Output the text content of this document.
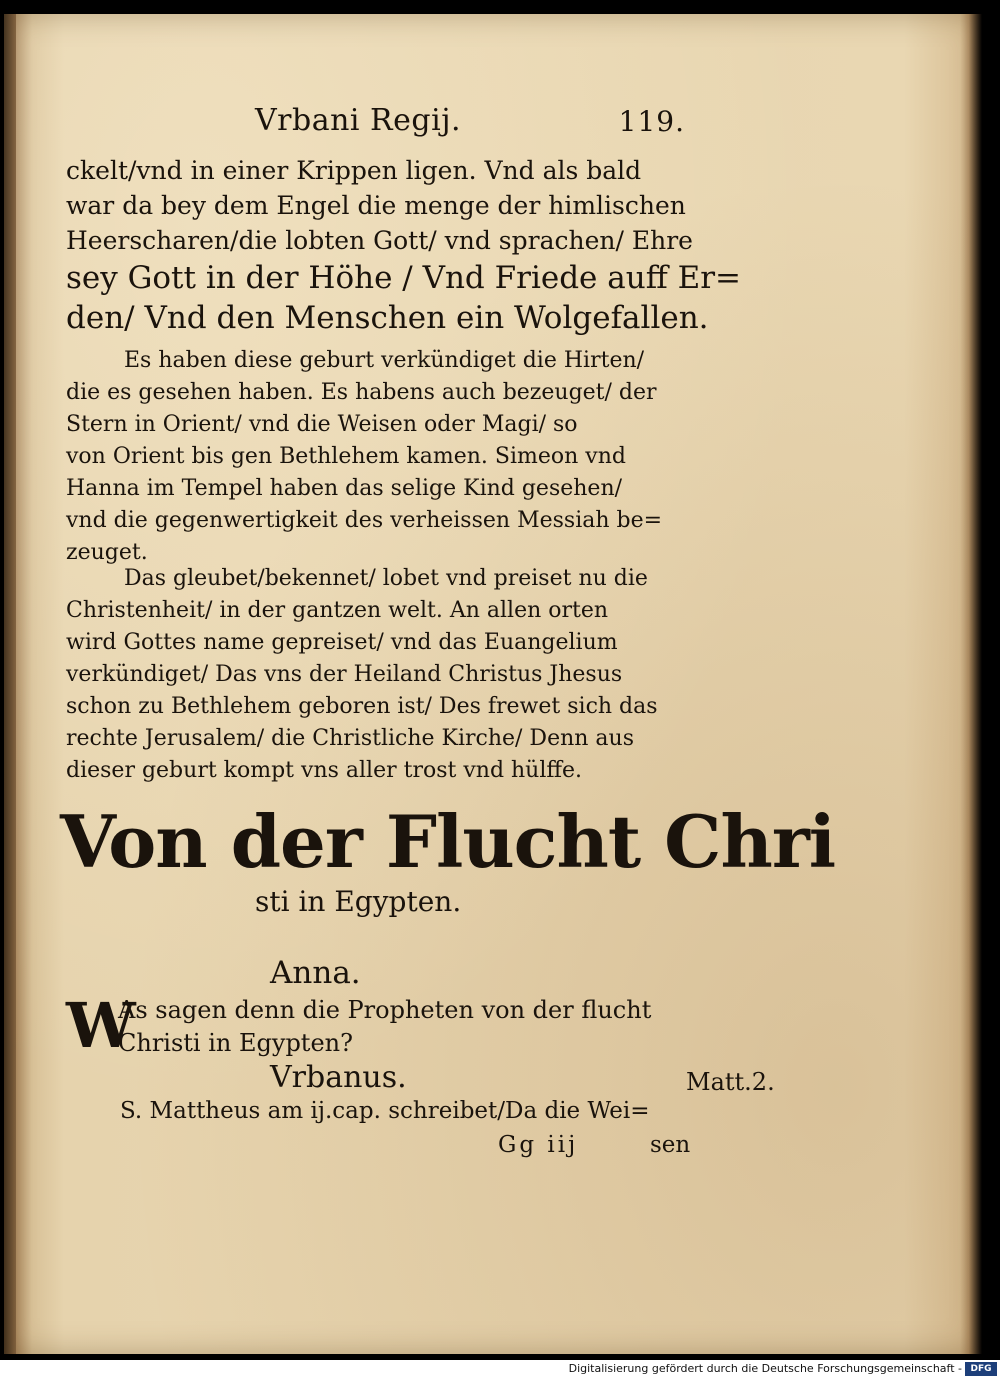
Vrbani Regij.	119.
ckelt/vnd in einer Krippen ligen. Vnd als bald
war da bey dem Engel die menge der himlischen
Heerscharen/die lobten Gott/ vnd sprachen/ Ehre
sey Gott in der Höhe / Vnd Friede auff Er=
den/ Vnd den Menschen ein Wolgefallen.
Es haben diese geburt verkündiget die Hirten/
die es gesehen haben. Es habens auch bezeuget/ der
Stern in Orient/ vnd die Weisen oder Magi/ so
von Orient bis gen Bethlehem kamen. Simeon vnd
Hanna im Tempel haben das selige Kind gesehen/
vnd die gegenwertigkeit des verheissen Messiah be=
zeuget.
Das gleubet/bekennet/ lobet vnd preiset nu die
Christenheit/ in der gantzen welt. An allen orten
wird Gottes name gepreiset/ vnd das Euangelium
verkündiget/ Das vns der Heiland Christus Jhesus
schon zu Bethlehem geboren ist/ Des frewet sich das
rechte Jerusalem/ die Christliche Kirche/ Denn aus
dieser geburt kompt vns aller trost vnd hülffe.
Von der Flucht Chri
sti in Egypten.
Anna.
W
As sagen denn die Propheten von der flucht
Christi in Egypten?
Vrbanus.	Matt.2.
S. Mattheus am ij.cap. schreibet/Da die Wei=
Gg iij	sen
Digitalisierung gefördert durch die Deutsche Forschungsgemeinschaft - DFG
